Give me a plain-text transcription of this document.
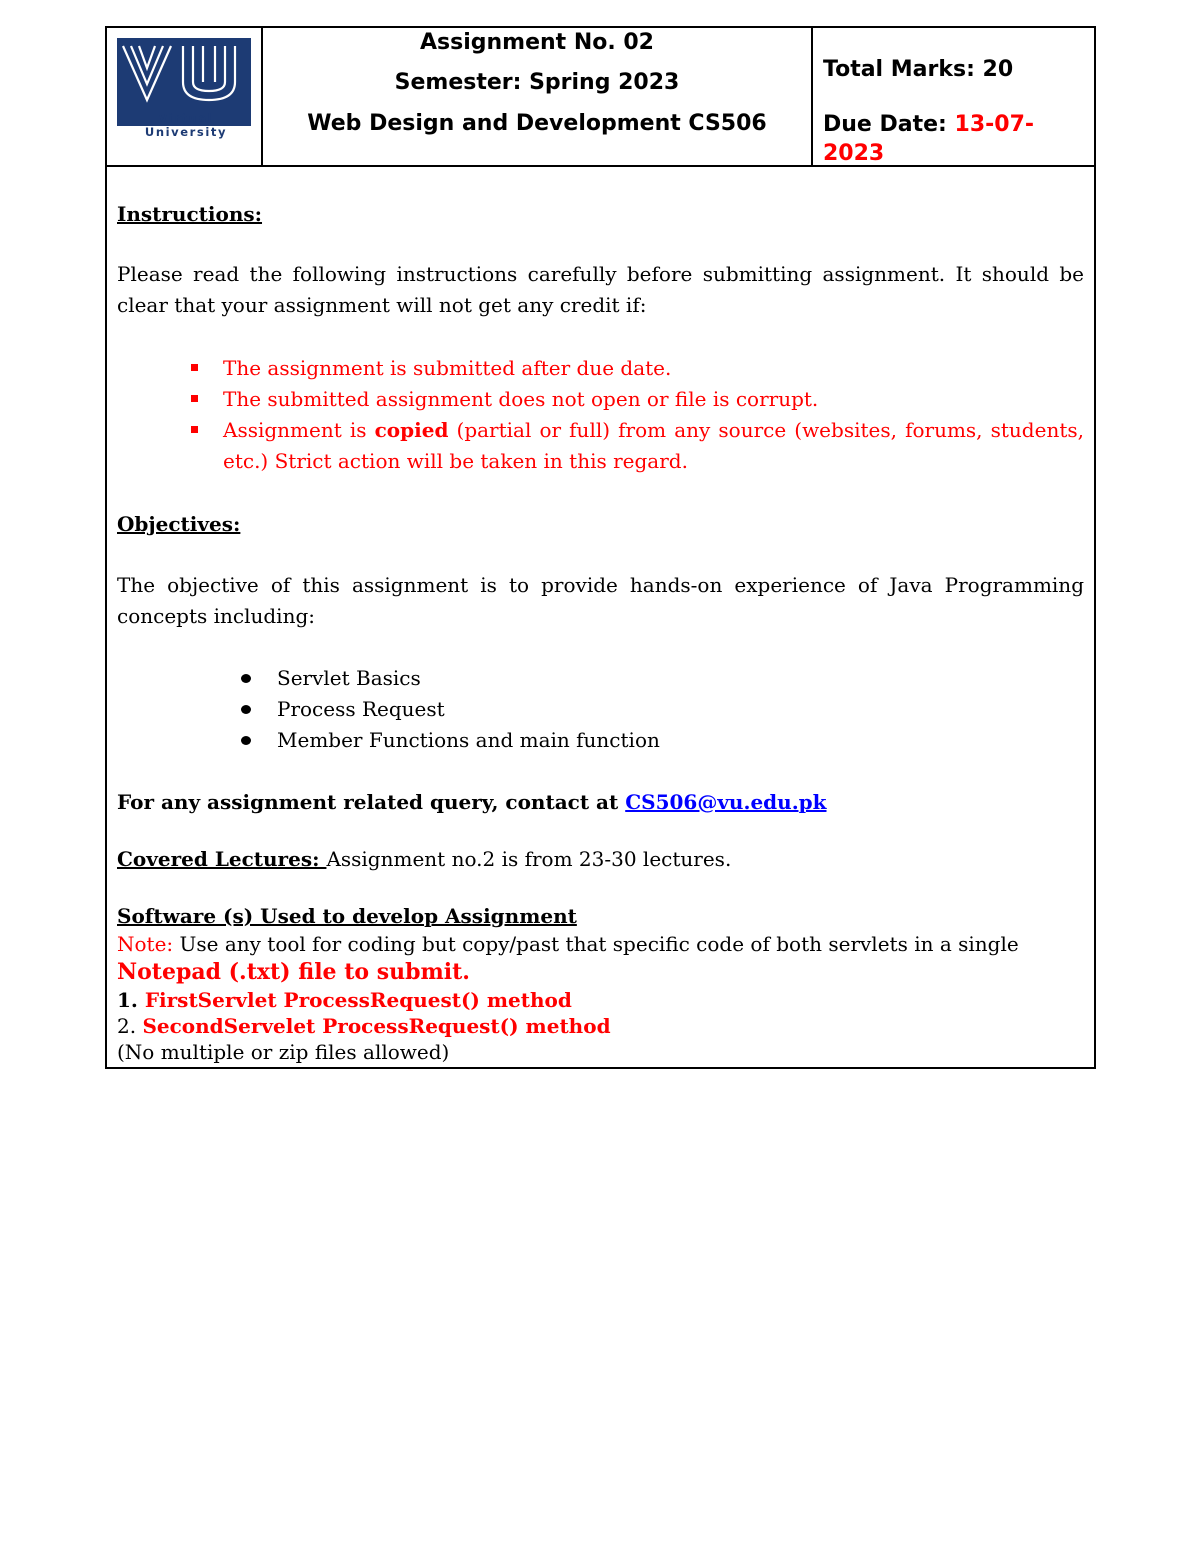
Virtual University
Assignment No. 02
Semester: Spring 2023
Web Design and Development CS506
Total Marks: 20
Due Date: 13-07-
2023
Instructions:
Please read the following instructions carefully before submitting assignment. It should be clear that your assignment will not get any credit if:
The assignment is submitted after due date.
The submitted assignment does not open or file is corrupt.
Assignment is copied (partial or full) from any source (websites, forums, students, etc.) Strict action will be taken in this regard.
Objectives:
The objective of this assignment is to provide hands-on experience of Java Programming concepts including:
Servlet Basics
Process Request
Member Functions and main function
For any assignment related query, contact at CS506@vu.edu.pk
Covered Lectures: Assignment no.2 is from 23-30 lectures.
Software (s) Used to develop Assignment
Note: Use any tool for coding but copy/past that specific code of both servlets in a single Notepad (.txt) file to submit.
1. FirstServlet ProcessRequest() method
2. SecondServelet ProcessRequest() method
(No multiple or zip files allowed)
